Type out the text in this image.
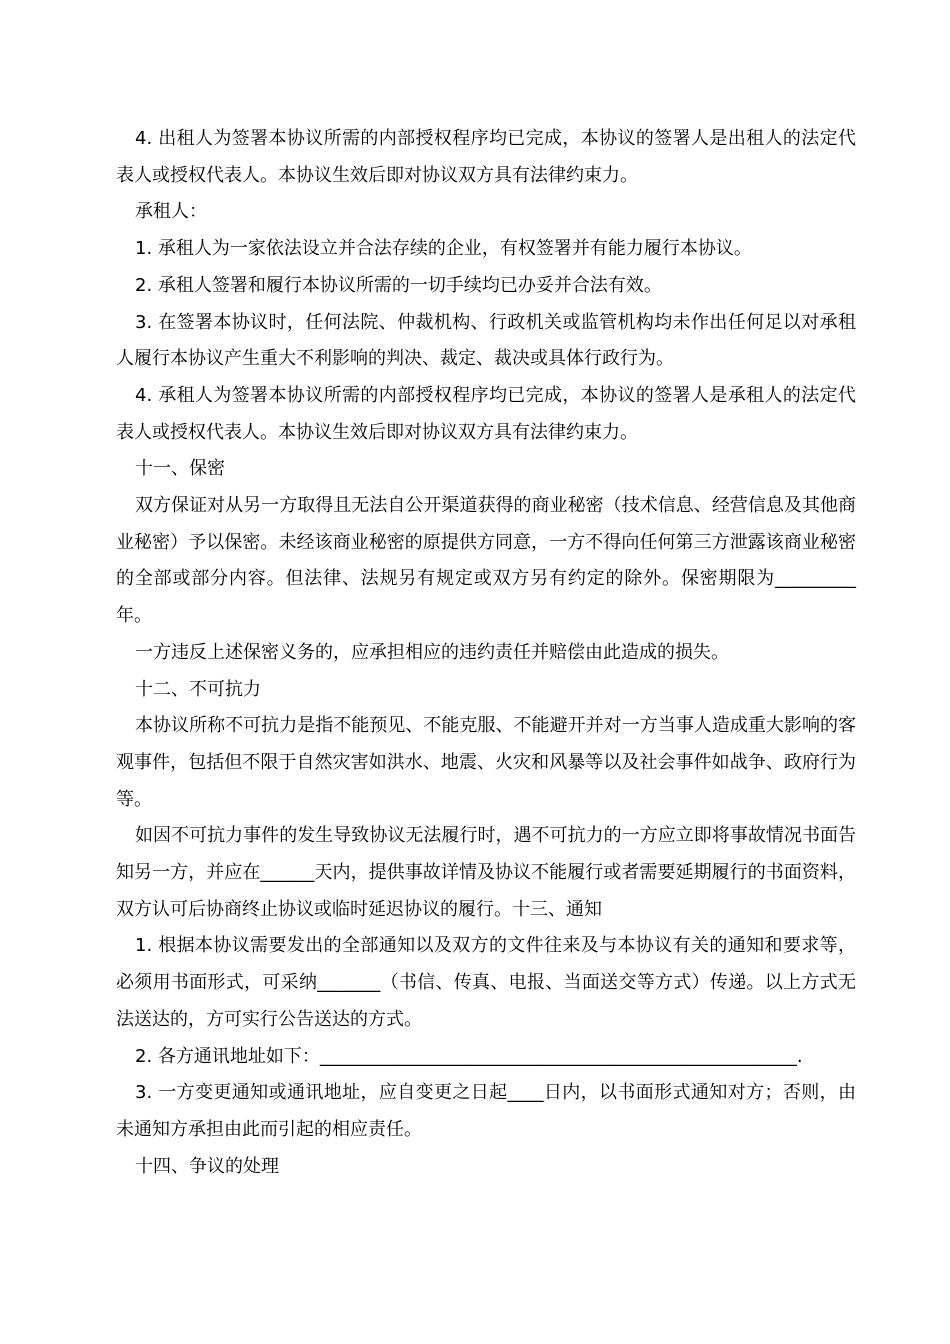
4. 出租人为签署本协议所需的内部授权程序均已完成，本协议的签署人是出租人的法定代表人或授权代表人。本协议生效后即对协议双方具有法律约束力。

承租人：

1. 承租人为一家依法设立并合法存续的企业，有权签署并有能力履行本协议。

2. 承租人签署和履行本协议所需的一切手续均已办妥并合法有效。

3. 在签署本协议时，任何法院、仲裁机构、行政机关或监管机构均未作出任何足以对承租人履行本协议产生重大不利影响的判决、裁定、裁决或具体行政行为。

4. 承租人为签署本协议所需的内部授权程序均已完成，本协议的签署人是承租人的法定代表人或授权代表人。本协议生效后即对协议双方具有法律约束力。

十一、保密

双方保证对从另一方取得且无法自公开渠道获得的商业秘密（技术信息、经营信息及其他商业秘密）予以保密。未经该商业秘密的原提供方同意，一方不得向任何第三方泄露该商业秘密的全部或部分内容。但法律、法规另有规定或双方另有约定的除外。保密期限为_________年。

一方违反上述保密义务的，应承担相应的违约责任并赔偿由此造成的损失。

十二、不可抗力

本协议所称不可抗力是指不能预见、不能克服、不能避开并对一方当事人造成重大影响的客观事件，包括但不限于自然灾害如洪水、地震、火灾和风暴等以及社会事件如战争、政府行为等。

如因不可抗力事件的发生导致协议无法履行时，遇不可抗力的一方应立即将事故情况书面告知另一方，并应在______天内，提供事故详情及协议不能履行或者需要延期履行的书面资料，双方认可后协商终止协议或临时延迟协议的履行。十三、通知

1. 根据本协议需要发出的全部通知以及双方的文件往来及与本协议有关的通知和要求等，必须用书面形式，可采纳_______（书信、传真、电报、当面送交等方式）传递。以上方式无法送达的，方可实行公告送达的方式。

2. 各方通讯地址如下：_____________________________________________________.

3. 一方变更通知或通讯地址，应自变更之日起____日内，以书面形式通知对方；否则，由未通知方承担由此而引起的相应责任。

十四、争议的处理
